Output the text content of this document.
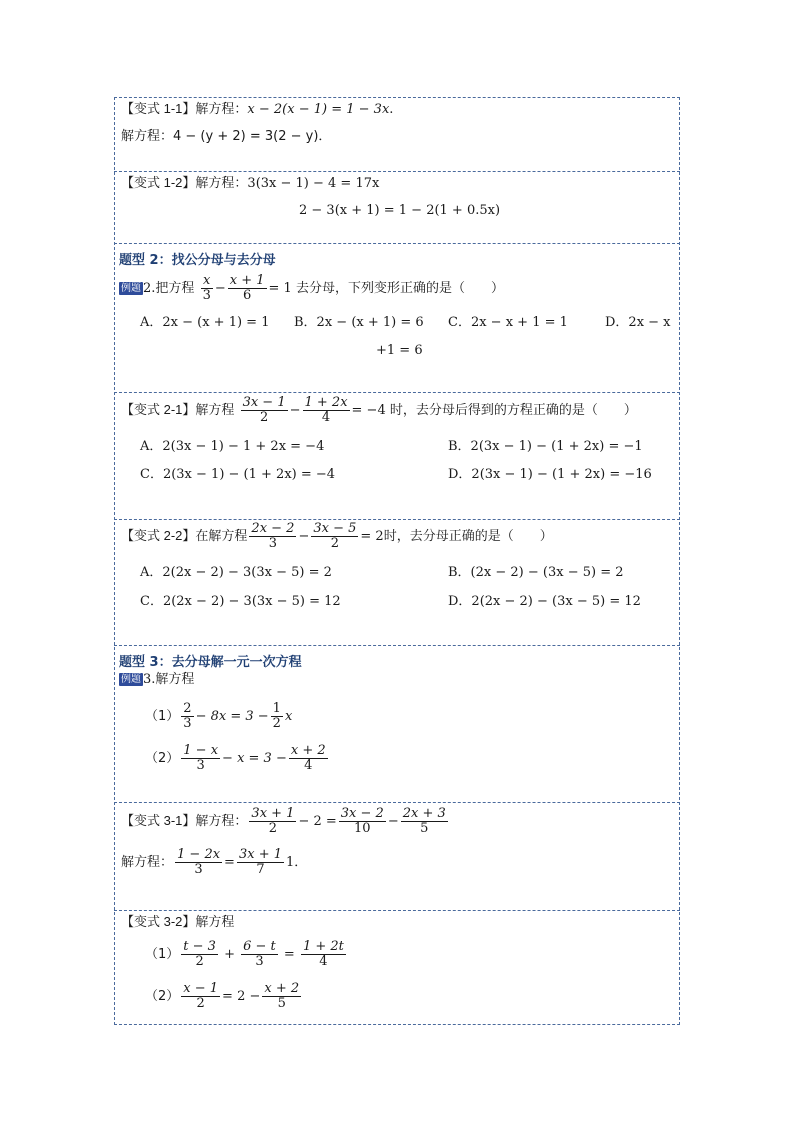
【变式 1-1】解方程：x − 2(x − 1) = 1 − 3x.
解方程：4 − (y + 2) = 3(2 − y)．
【变式 1-2】解方程：3(3x − 1) − 4 = 17x
2 − 3(x + 1) = 1 − 2(1 + 0.5x)
题型 2：找公分母与去分母
例题 2.把方程 $\frac{x}{3} - \frac{x + 1}{6} = 1$ 去分母，下列变形正确的是（　　）
A．2x − (x + 1) = 1 B．2x − (x + 1) = 6 C．2x − x + 1 = 1	D．2x − x
+1 = 6
【变式 2-1】解方程 $\frac{3x - 1}{2} - \frac{1 + 2x}{4} = -4$ 时，去分母后得到的方程正确的是（　　）
A．2(3x − 1) − 1 + 2x = −4	B．2(3x − 1) − (1 + 2x) = −1
C．2(3x − 1) − (1 + 2x) = −4	D．2(3x − 1) − (1 + 2x) = −16
【变式 2-2】在解方程 $\frac{2x - 2}{3} - \frac{3x - 5}{2} = 2$时，去分母正确的是（　　）
A．2(2x − 2) − 3(3x − 5) = 2	B．(2x − 2) − (3x − 5) = 2
C．2(2x − 2) − 3(3x − 5) = 12	D．2(2x − 2) − (3x − 5) = 12
题型 3：去分母解一元一次方程
例题 3.解方程
$(1) \frac{2}{3} - 8x = 3 - \frac{1}{2}$ x
$(2) \frac{1 - x}{3} - x = 3 - \frac{x + 2}{4}$
【变式 3-1】解方程： $\frac{3x + 1}{2} - 2 = \frac{3x - 2}{10} - \frac{2x + 3}{5}$
解方程： $\frac{1 - 2x}{3} = \frac{3x + 1}{7} 1$．
【变式 3-2】解方程
$(1) \frac{t - 3}{2} + \frac{6 - t}{3} = \frac{1 + 2t}{4}$
$(2) \frac{x - 1}{2} = 2 - \frac{x + 2}{5}$
